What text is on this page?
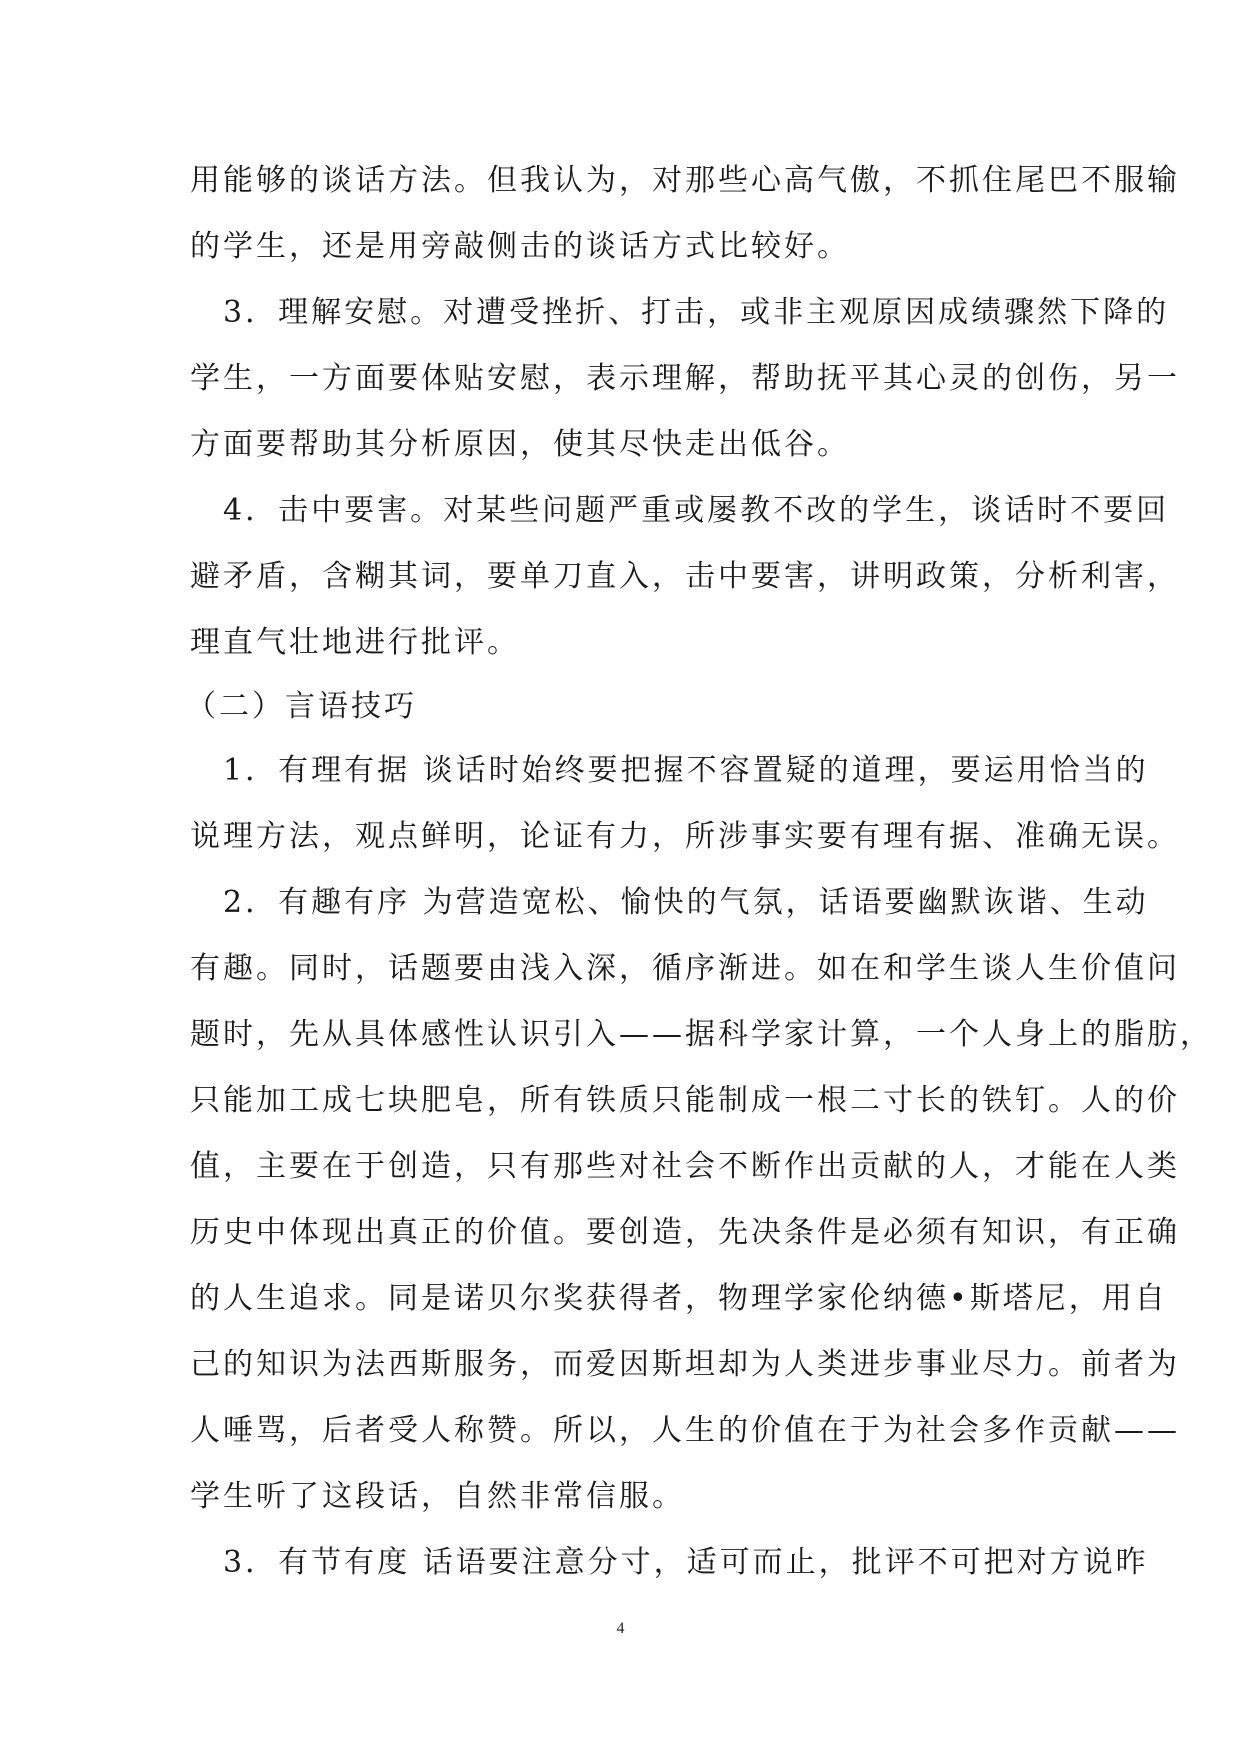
用能够的谈话方法。但我认为，对那些心高气傲，不抓住尾巴不服输
的学生，还是用旁敲侧击的谈话方式比较好。
　3．理解安慰。对遭受挫折、打击，或非主观原因成绩骤然下降的
学生，一方面要体贴安慰，表示理解，帮助抚平其心灵的创伤，另一
方面要帮助其分析原因，使其尽快走出低谷。
　4．击中要害。对某些问题严重或屡教不改的学生，谈话时不要回
避矛盾，含糊其词，要单刀直入，击中要害，讲明政策，分析利害，
理直气壮地进行批评。
（二）言语技巧
　1．有理有据 谈话时始终要把握不容置疑的道理，要运用恰当的
说理方法，观点鲜明，论证有力，所涉事实要有理有据、准确无误。
　2．有趣有序 为营造宽松、愉快的气氛，话语要幽默诙谐、生动
有趣。同时，话题要由浅入深，循序渐进。如在和学生谈人生价值问
题时，先从具体感性认识引入——据科学家计算，一个人身上的脂肪，
只能加工成七块肥皂，所有铁质只能制成一根二寸长的铁钉。人的价
值，主要在于创造，只有那些对社会不断作出贡献的人，才能在人类
历史中体现出真正的价值。要创造，先决条件是必须有知识，有正确
的人生追求。同是诺贝尔奖获得者，物理学家伦纳德•斯塔尼，用自
己的知识为法西斯服务，而爱因斯坦却为人类进步事业尽力。前者为
人唾骂，后者受人称赞。所以，人生的价值在于为社会多作贡献——
学生听了这段话，自然非常信服。
　3．有节有度 话语要注意分寸，适可而止，批评不可把对方说昨
4
